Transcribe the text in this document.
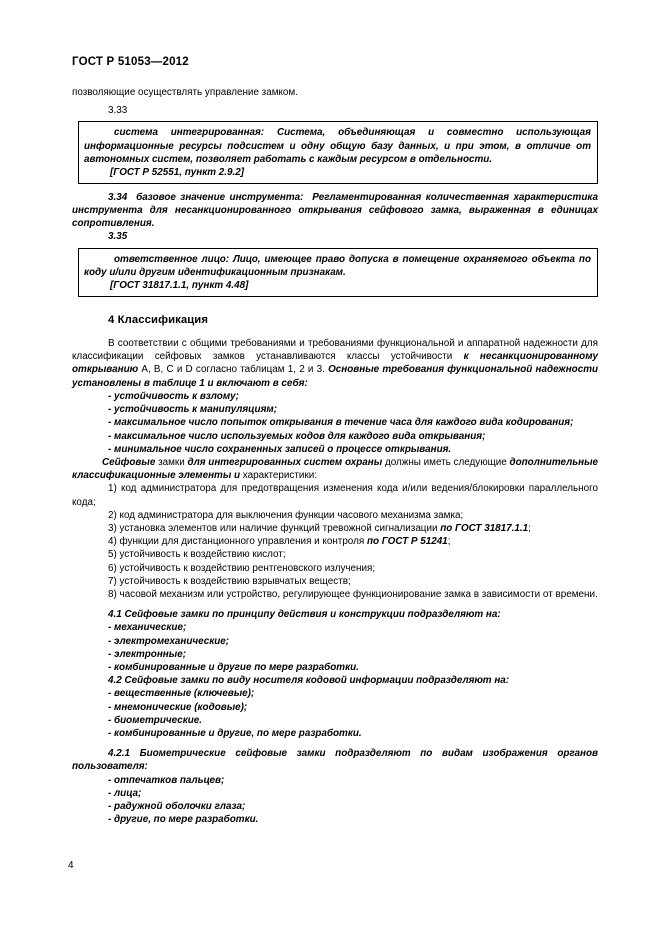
ГОСТ Р 51053—2012

позволяющие осуществлять управление замком.

3.33

система интегрированная: Система, объединяющая и совместно использующая информационные ресурсы подсистем и одну общую базу данных, и при этом, в отличие от автономных систем, позволяет работать с каждым ресурсом в отдельности.

[ГОСТ Р 52551, пункт 2.9.2]

3.34 базовое значение инструмента: Регламентированная количественная характеристика инструмента для несанкционированного открывания сейфового замка, выраженная в единицах сопротивления.

3.35

ответственное лицо: Лицо, имеющее право допуска в помещение охраняемого объекта по коду и/или другим идентификационным признакам.

[ГОСТ 31817.1.1, пункт 4.48]

4 Классификация

В соответствии с общими требованиями и требованиями функциональной и аппаратной надежности для классификации сейфовых замков устанавливаются классы устойчивости к несанкционированному открыванию A, B, C и D согласно таблицам 1, 2 и 3. Основные требования функциональной надежности установлены в таблице 1 и включают в себя:

- устойчивость к взлому;

- устойчивость к манипуляциям;

- максимальное число попыток открывания в течение часа для каждого вида кодирования;

- максимальное число используемых кодов для каждого вида открывания;

- минимальное число сохраненных записей о процессе открывания.

Сейфовые замки для интегрированных систем охраны должны иметь следующие дополнительные классификационные элементы и характеристики:

1) код администратора для предотвращения изменения кода и/или ведения/блокировки параллельного кода;

2) код администратора для выключения функции часового механизма замка;

3) установка элементов или наличие функций тревожной сигнализации по ГОСТ 31817.1.1;

4) функции для дистанционного управления и контроля по ГОСТ Р 51241;

5) устойчивость к воздействию кислот;

6) устойчивость к воздействию рентгеновского излучения;

7) устойчивость к воздействию взрывчатых веществ;

8) часовой механизм или устройство, регулирующее функционирование замка в зависимости от времени.

4.1 Сейфовые замки по принципу действия и конструкции подразделяют на:

- механические;

- электромеханические;

- электронные;

- комбинированные и другие по мере разработки.

4.2 Сейфовые замки по виду носителя кодовой информации подразделяют на:

- вещественные (ключевые);

- мнемонические (кодовые);

- биометрические.

- комбинированные и другие, по мере разработки.

4.2.1 Биометрические сейфовые замки подразделяют по видам изображения органов пользователя:

- отпечатков пальцев;

- лица;

- радужной оболочки глаза;

- другие, по мере разработки.

4
